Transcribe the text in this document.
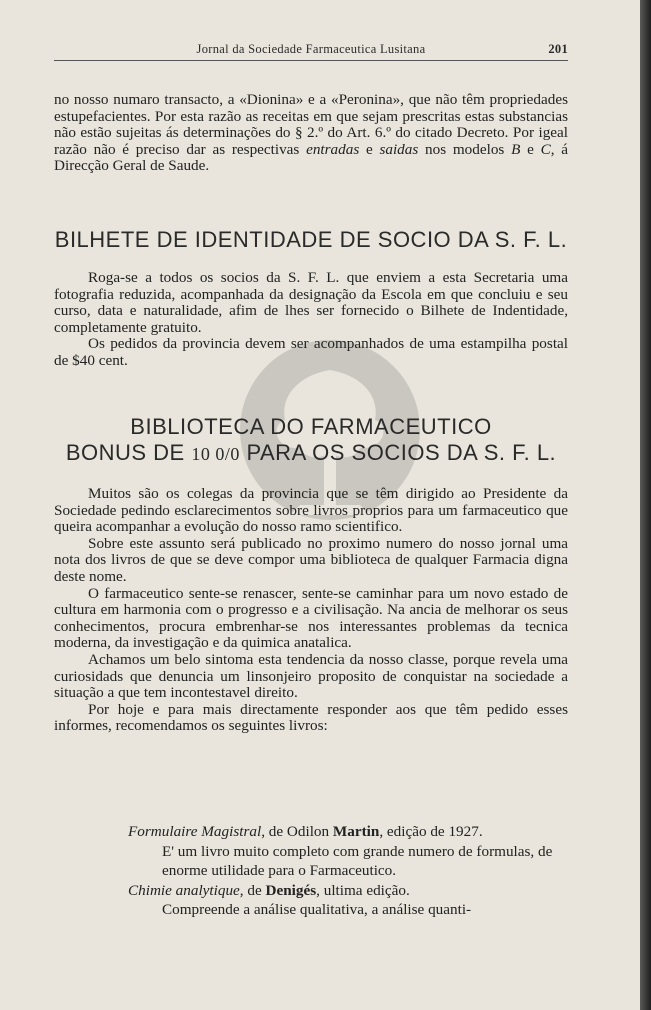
Jornal da Sociedade Farmaceutica Lusitana	201

no nosso numaro transacto, a «Dionina» e a «Peronina», que não têm propriedades estupefacientes. Por esta razão as receitas em que sejam prescritas estas substancias não estão sujeitas ás determinações do § 2.º do Art. 6.º do citado Decreto. Por igeal razão não é preciso dar as respectivas entradas e saidas nos modelos B e C, á Direcção Geral de Saude.

BILHETE DE IDENTIDADE DE SOCIO DA S. F. L.

Roga-se a todos os socios da S. F. L. que enviem a esta Secretaria uma fotografia reduzida, acompanhada da designação da Escola em que concluiu e seu curso, data e naturalidade, afim de lhes ser fornecido o Bilhete de Indentidade, completamente gratuito.

Os pedidos da provincia devem ser acompanhados de uma estampilha postal de $40 cent.

BIBLIOTECA DO FARMACEUTICO
BONUS DE 10 0/0 PARA OS SOCIOS DA S. F. L.

Muitos são os colegas da provincia que se têm dirigido ao Presidente da Sociedade pedindo esclarecimentos sobre livros proprios para um farmaceutico que queira acompanhar a evolução do nosso ramo scientifico.

Sobre este assunto será publicado no proximo numero do nosso jornal uma nota dos livros de que se deve compor uma biblioteca de qualquer Farmacia digna deste nome.

O farmaceutico sente-se renascer, sente-se caminhar para um novo estado de cultura em harmonia com o progresso e a civilisação. Na ancia de melhorar os seus conhecimentos, procura embrenhar-se nos interessantes problemas da tecnica moderna, da investigação e da quimica anatalica.

Achamos um belo sintoma esta tendencia da nosso classe, porque revela uma curiosidads que denuncia um linsonjeiro proposito de conquistar na sociedade a situação a que tem incontestavel direito.

Por hoje e para mais directamente responder aos que têm pedido esses informes, recomendamos os seguintes livros:

Formulaire Magistral, de Odilon Martin, edição de 1927.

E' um livro muito completo com grande numero de formulas, de enorme utilidade para o Farmaceutico.

Chimie analytique, de Denigés, ultima edição.

Compreende a análise qualitativa, a análise quanti-
